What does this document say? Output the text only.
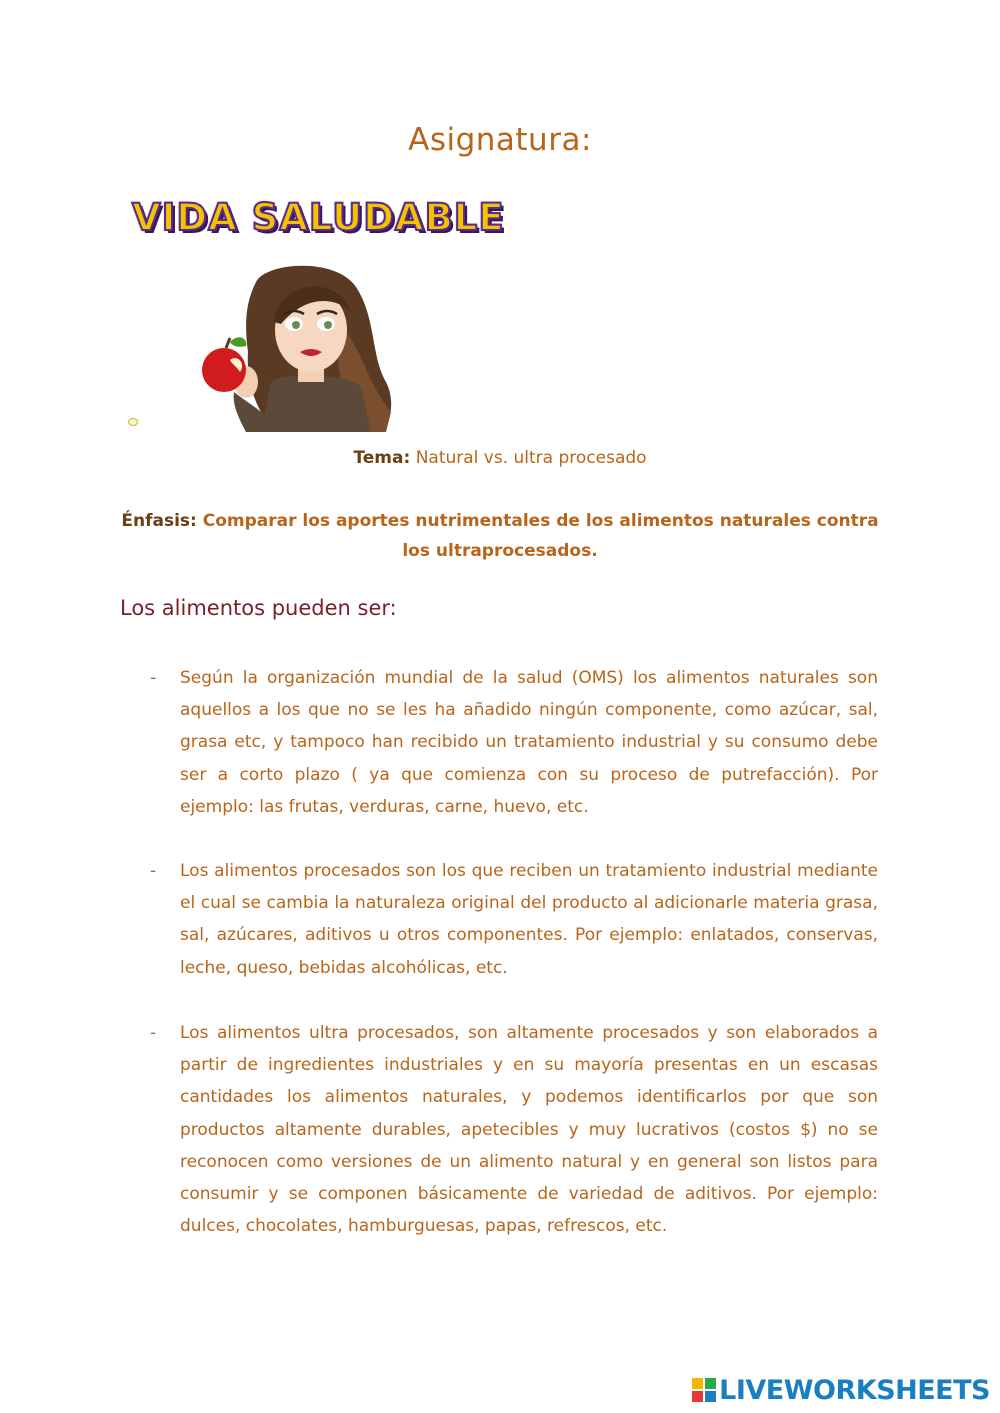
Asignatura:
VIDA SALUDABLE
Tema: Natural vs. ultra procesado
Énfasis: Comparar los aportes nutrimentales de los alimentos naturales contra los ultraprocesados.
Los alimentos pueden ser:
- Según la organización mundial de la salud (OMS) los alimentos naturales son aquellos a los que no se les ha añadido ningún componente, como azúcar, sal, grasa etc, y tampoco han recibido un tratamiento industrial y su consumo debe ser a corto plazo ( ya que comienza con su proceso de putrefacción). Por ejemplo: las frutas, verduras, carne, huevo, etc.
- Los alimentos procesados son los que reciben un tratamiento industrial mediante el cual se cambia la naturaleza original del producto al adicionarle materia grasa, sal, azúcares, aditivos u otros componentes. Por ejemplo: enlatados, conservas, leche, queso, bebidas alcohólicas, etc.
- Los alimentos ultra procesados, son altamente procesados y son elaborados a partir de ingredientes industriales y en su mayoría presentas en un escasas cantidades los alimentos naturales, y podemos identificarlos por que son productos altamente durables, apetecibles y muy lucrativos (costos $) no se reconocen como versiones de un alimento natural y en general son listos para consumir y se componen básicamente de variedad de aditivos. Por ejemplo: dulces, chocolates, hamburguesas, papas, refrescos, etc.
LIVEWORKSHEETS
